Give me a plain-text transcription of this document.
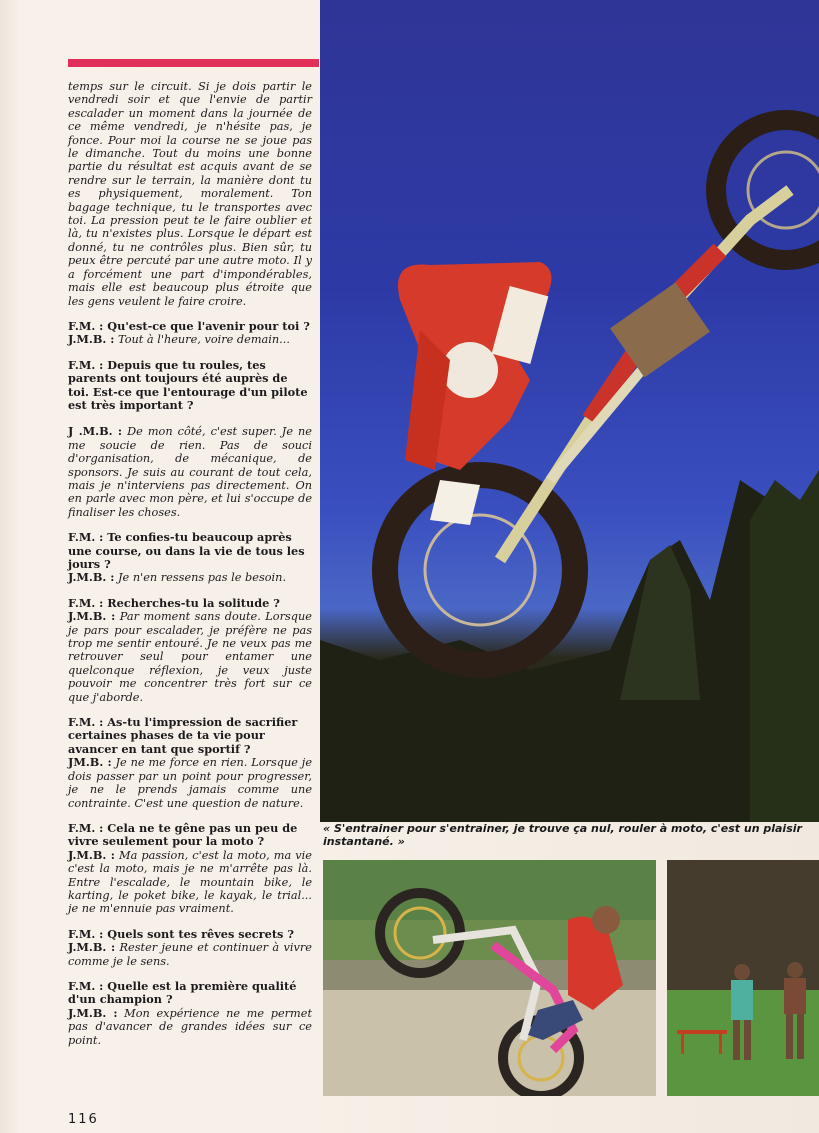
temps sur le circuit. Si je dois partir le vendredi soir et que l'envie de partir escalader un moment dans la journée de ce même vendredi, je n'hésite pas, je fonce. Pour moi la course ne se joue pas le dimanche. Tout du moins une bonne partie du résultat est acquis avant de se rendre sur le terrain, la manière dont tu es physiquement, moralement. Ton bagage technique, tu le transportes avec toi. La pression peut te le faire oublier et là, tu n'existes plus. Lorsque le départ est donné, tu ne contrôles plus. Bien sûr, tu peux être percuté par une autre moto. Il y a forcément une part d'impondérables, mais elle est beaucoup plus étroite que les gens veulent le faire croire.

F.M. : Qu'est-ce que l'avenir pour toi ?

J.M.B. : Tout à l'heure, voire demain...

F.M. : Depuis que tu roules, tes parents ont toujours été auprès de toi. Est-ce que l'entourage d'un pilote est très important ?

J .M.B. : De mon côté, c'est super. Je ne me soucie de rien. Pas de souci d'organisation, de mécanique, de sponsors. Je suis au courant de tout cela, mais je n'interviens pas directement. On en parle avec mon père, et lui s'occupe de finaliser les choses.

F.M. : Te confies-tu beaucoup après une course, ou dans la vie de tous les jours ?

J.M.B. : Je n'en ressens pas le besoin.

F.M. : Recherches-tu la solitude ?

J.M.B. : Par moment sans doute. Lorsque je pars pour escalader, je préfère ne pas trop me sentir entouré. Je ne veux pas me retrouver seul pour entamer une quelconque réflexion, je veux juste pouvoir me concentrer très fort sur ce que j'aborde.

F.M. : As-tu l'impression de sacrifier certaines phases de ta vie pour avancer en tant que sportif ?

JM.B. : Je ne me force en rien. Lorsque je dois passer par un point pour progresser, je ne le prends jamais comme une contrainte. C'est une question de nature.

F.M. : Cela ne te gêne pas un peu de vivre seulement pour la moto ?

J.M.B. : Ma passion, c'est la moto, ma vie c'est la moto, mais je ne m'arrête pas là. Entre l'escalade, le mountain bike, le karting, le poket bike, le kayak, le trial... je ne m'ennuie pas vraiment.

F.M. : Quels sont tes rêves secrets ?

J.M.B. : Rester jeune et continuer à vivre comme je le sens.

F.M. : Quelle est la première qualité d'un champion ?

J.M.B. : Mon expérience ne me permet pas d'avancer de grandes idées sur ce point.

116
« S'entrainer pour s'entrainer, je trouve ça nul, rouler à moto, c'est un plaisir instantané. »
